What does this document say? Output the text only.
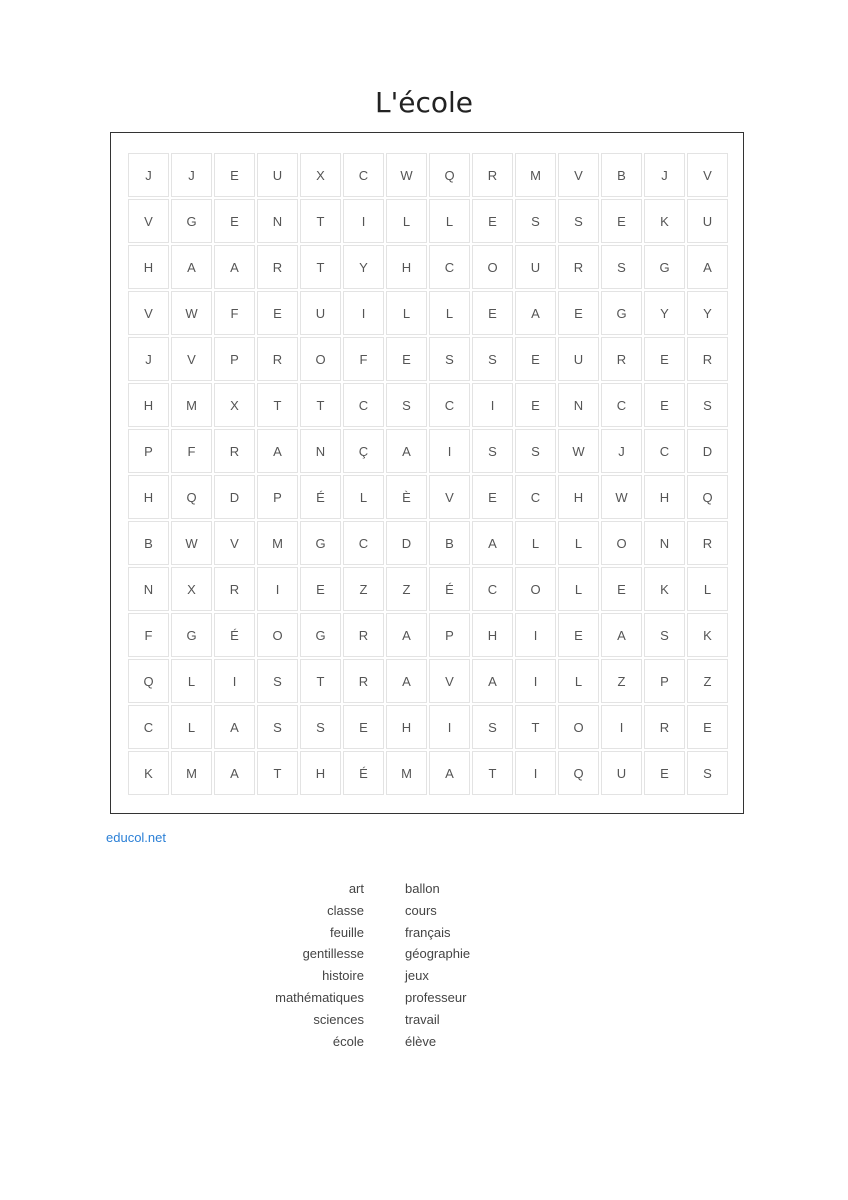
L'école
J	J	E	U	X	C	W	Q	R	M	V	B	J	V
V	G	E	N	T	I	L	L	E	S	S	E	K	U
H	A	A	R	T	Y	H	C	O	U	R	S	G	A
V	W	F	E	U	I	L	L	E	A	E	G	Y	Y
J	V	P	R	O	F	E	S	S	E	U	R	E	R
H	M	X	T	T	C	S	C	I	E	N	C	E	S
P	F	R	A	N	Ç	A	I	S	S	W	J	C	D
H	Q	D	P	É	L	È	V	E	C	H	W	H	Q
B	W	V	M	G	C	D	B	A	L	L	O	N	R
N	X	R	I	E	Z	Z	É	C	O	L	E	K	L
F	G	É	O	G	R	A	P	H	I	E	A	S	K
Q	L	I	S	T	R	A	V	A	I	L	Z	P	Z
C	L	A	S	S	E	H	I	S	T	O	I	R	E
K	M	A	T	H	É	M	A	T	I	Q	U	E	S
educol.net
art	ballon
classe	cours
feuille	français
gentillesse	géographie
histoire	jeux
mathématiques	professeur
sciences	travail
école	élève
